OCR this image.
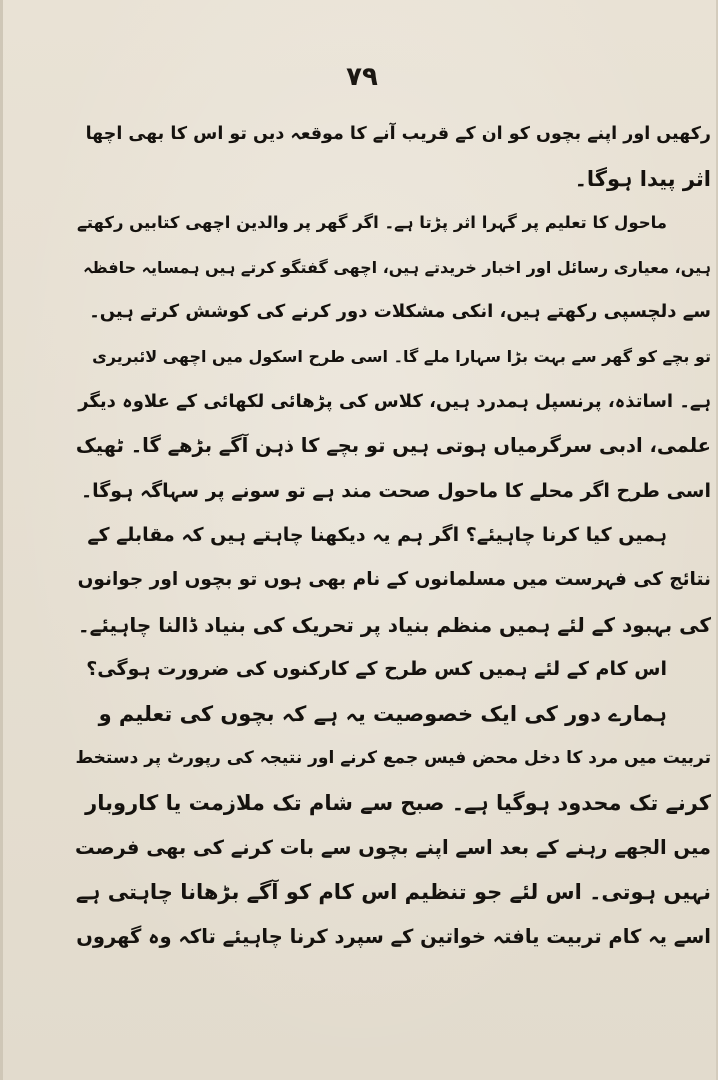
۷۹
رکھیں اور اپنے بچوں کو ان کے قریب آنے کا موقعہ دیں تو اس کا بھی اچھا
اثر پیدا ہوگا۔
ماحول کا تعلیم پر گہرا اثر پڑتا ہے۔ اگر گھر پر والدین اچھی کتابیں رکھتے
ہیں، معیاری رسائل اور اخبار خریدتے ہیں، اچھی گفتگو کرتے ہیں ہمسایہ حافظہ
سے دلچسپی رکھتے ہیں، انکی مشکلات دور کرنے کی کوشش کرتے ہیں۔
تو بچے کو گھر سے بہت بڑا سہارا ملے گا۔ اسی طرح اسکول میں اچھی لائبریری
ہے۔ اساتذہ، پرنسپل ہمدرد ہیں، کلاس کی پڑھائی لکھائی کے علاوہ دیگر
علمی، ادبی سرگرمیاں ہوتی ہیں تو بچے کا ذہن آگے بڑھے گا۔ ٹھیک
اسی طرح اگر محلے کا ماحول صحت مند ہے تو سونے پر سہاگہ ہوگا۔
ہمیں کیا کرنا چاہیئے؟ اگر ہم یہ دیکھنا چاہتے ہیں کہ مقابلے کے
نتائج کی فہرست میں مسلمانوں کے نام بھی ہوں تو بچوں اور جوانوں
کی بہبود کے لئے ہمیں منظم بنیاد پر تحریک کی بنیاد ڈالنا چاہیئے۔
اس کام کے لئے ہمیں کس طرح کے کارکنوں کی ضرورت ہوگی؟
ہمارے دور کی ایک خصوصیت یہ ہے کہ بچوں کی تعلیم و
تربیت میں مرد کا دخل محض فیس جمع کرنے اور نتیجہ کی رپورٹ پر دستخط
کرنے تک محدود ہوگیا ہے۔ صبح سے شام تک ملازمت یا کاروبار
میں الجھے رہنے کے بعد اسے اپنے بچوں سے بات کرنے کی بھی فرصت
نہیں ہوتی۔ اس لئے جو تنظیم اس کام کو آگے بڑھانا چاہتی ہے
اسے یہ کام تربیت یافتہ خواتین کے سپرد کرنا چاہیئے تاکہ وہ گھروں
